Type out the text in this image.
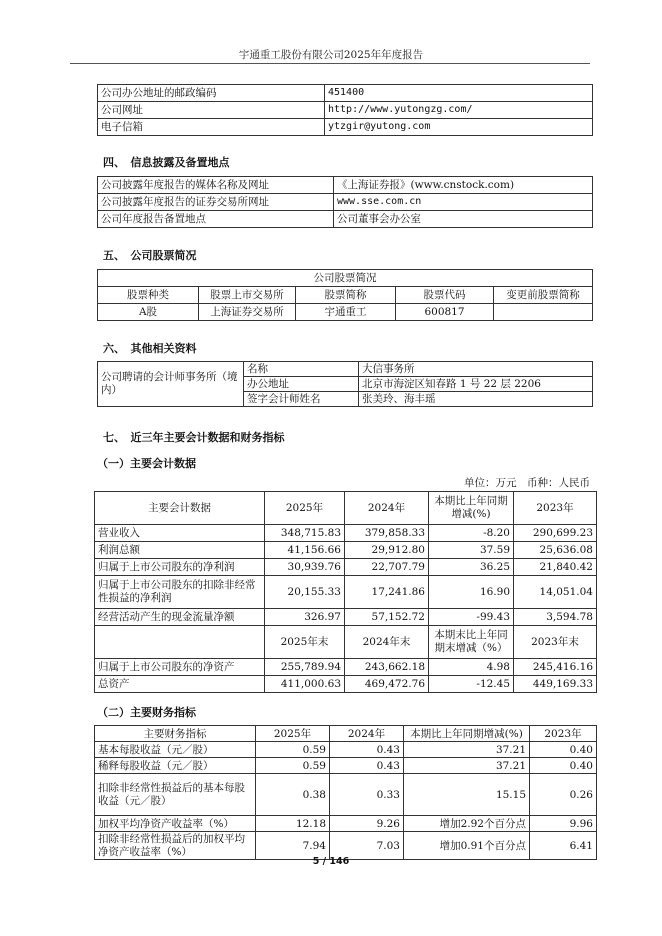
宇通重工股份有限公司2025年年度报告
公司办公地址的邮政编码	451400
公司网址	http://www.yutongzg.com/
电子信箱	ytzgir@yutong.com
四、　信息披露及备置地点
公司披露年度报告的媒体名称及网址	《上海证券报》(www.cnstock.com)
公司披露年度报告的证券交易所网址	www.sse.com.cn
公司年度报告备置地点	公司董事会办公室
五、　公司股票简况
公司股票简况				
股票种类	股票上市交易所	股票简称	股票代码	变更前股票简称
A股	上海证券交易所	宇通重工	600817	
六、　其他相关资料
公司聘请的会计师事务所（境内）	名称	大信事务所
	办公地址	北京市海淀区知春路 1 号 22 层 2206
	签字会计师姓名	张美玲、海丰瑶
七、　近三年主要会计数据和财务指标
（一）主要会计数据
单位：万元　币种：人民币
主要会计数据	2025年	2024年	本期比上年同期增减(%)	2023年
营业收入	348,715.83	379,858.33	-8.20	290,699.23
利润总额	41,156.66	29,912.80	37.59	25,636.08
归属于上市公司股东的净利润	30,939.76	22,707.79	36.25	21,840.42
归属于上市公司股东的扣除非经常性损益的净利润	20,155.33	17,241.86	16.90	14,051.04
经营活动产生的现金流量净额	326.97	57,152.72	-99.43	3,594.78
	2025年末	2024年末	本期末比上年同期末增减（%）	2023年末
归属于上市公司股东的净资产	255,789.94	243,662.18	4.98	245,416.16
总资产	411,000.63	469,472.76	-12.45	449,169.33
（二）主要财务指标
主要财务指标	2025年	2024年	本期比上年同期增减(%)	2023年
基本每股收益（元／股）	0.59	0.43	37.21	0.40
稀释每股收益（元／股）	0.59	0.43	37.21	0.40
扣除非经常性损益后的基本每股收益（元／股）	0.38	0.33	15.15	0.26
加权平均净资产收益率（%）	12.18	9.26	增加2.92个百分点	9.96
扣除非经常性损益后的加权平均净资产收益率（%）	7.94	7.03	增加0.91个百分点	6.41
5 / 146
